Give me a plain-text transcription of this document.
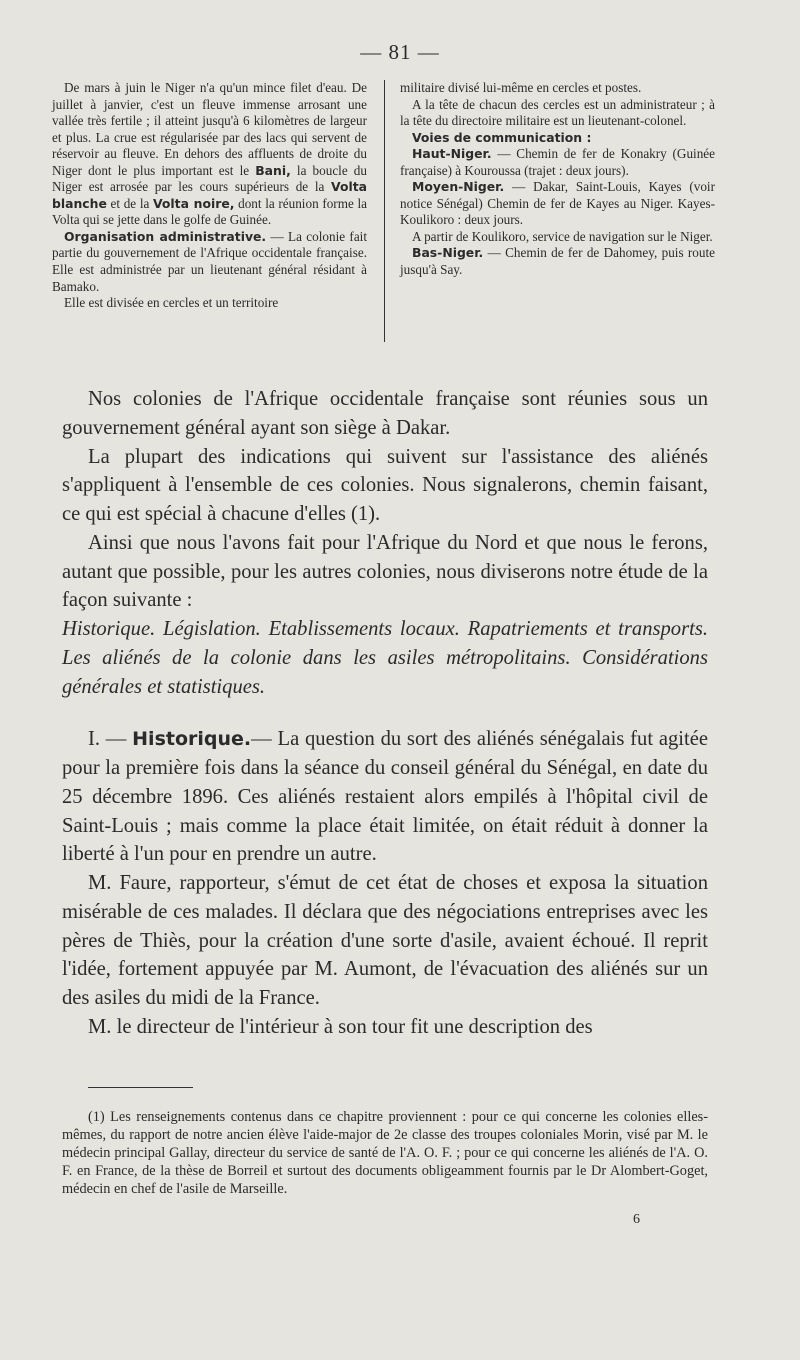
— 81 —

De mars à juin le Niger n'a qu'un mince filet d'eau. De juillet à janvier, c'est un fleuve immense arrosant une vallée très fertile ; il atteint jusqu'à 6 kilomètres de largeur et plus. La crue est régularisée par des lacs qui servent de réservoir au fleuve. En dehors des affluents de droite du Niger dont le plus important est le Bani, la boucle du Niger est arrosée par les cours supérieurs de la Volta blanche et de la Volta noire, dont la réunion forme la Volta qui se jette dans le golfe de Guinée.

Organisation administrative. — La colonie fait partie du gouvernement de l'Afrique occidentale française. Elle est administrée par un lieutenant général résidant à Bamako.

Elle est divisée en cercles et un territoire

militaire divisé lui-même en cercles et postes.

A la tête de chacun des cercles est un administrateur ; à la tête du directoire militaire est un lieutenant-colonel.

Voies de communication :

Haut-Niger. — Chemin de fer de Konakry (Guinée française) à Kouroussa (trajet : deux jours).

Moyen-Niger. — Dakar, Saint-Louis, Kayes (voir notice Sénégal) Chemin de fer de Kayes au Niger. Kayes-Koulikoro : deux jours.

A partir de Koulikoro, service de navigation sur le Niger.

Bas-Niger. — Chemin de fer de Dahomey, puis route jusqu'à Say.

Nos colonies de l'Afrique occidentale française sont réunies sous un gouvernement général ayant son siège à Dakar.

La plupart des indications qui suivent sur l'assistance des aliénés s'appliquent à l'ensemble de ces colonies. Nous signalerons, chemin faisant, ce qui est spécial à chacune d'elles (1).

Ainsi que nous l'avons fait pour l'Afrique du Nord et que nous le ferons, autant que possible, pour les autres colonies, nous diviserons notre étude de la façon suivante :

Historique. Législation. Etablissements locaux. Rapatriements et transports. Les aliénés de la colonie dans les asiles métropolitains. Considérations générales et statistiques.

I. — Historique.— La question du sort des aliénés sénégalais fut agitée pour la première fois dans la séance du conseil général du Sénégal, en date du 25 décembre 1896. Ces aliénés restaient alors empilés à l'hôpital civil de Saint-Louis ; mais comme la place était limitée, on était réduit à donner la liberté à l'un pour en prendre un autre.

M. Faure, rapporteur, s'émut de cet état de choses et exposa la situation misérable de ces malades. Il déclara que des négociations entreprises avec les pères de Thiès, pour la création d'une sorte d'asile, avaient échoué. Il reprit l'idée, fortement appuyée par M. Aumont, de l'évacuation des aliénés sur un des asiles du midi de la France.

M. le directeur de l'intérieur à son tour fit une description des

(1) Les renseignements contenus dans ce chapitre proviennent : pour ce qui concerne les colonies elles-mêmes, du rapport de notre ancien élève l'aide-major de 2e classe des troupes coloniales Morin, visé par M. le médecin principal Gallay, directeur du service de santé de l'A. O. F. ; pour ce qui concerne les aliénés de l'A. O. F. en France, de la thèse de Borreil et surtout des documents obligeamment fournis par le Dr Alombert-Goget, médecin en chef de l'asile de Marseille.

6
